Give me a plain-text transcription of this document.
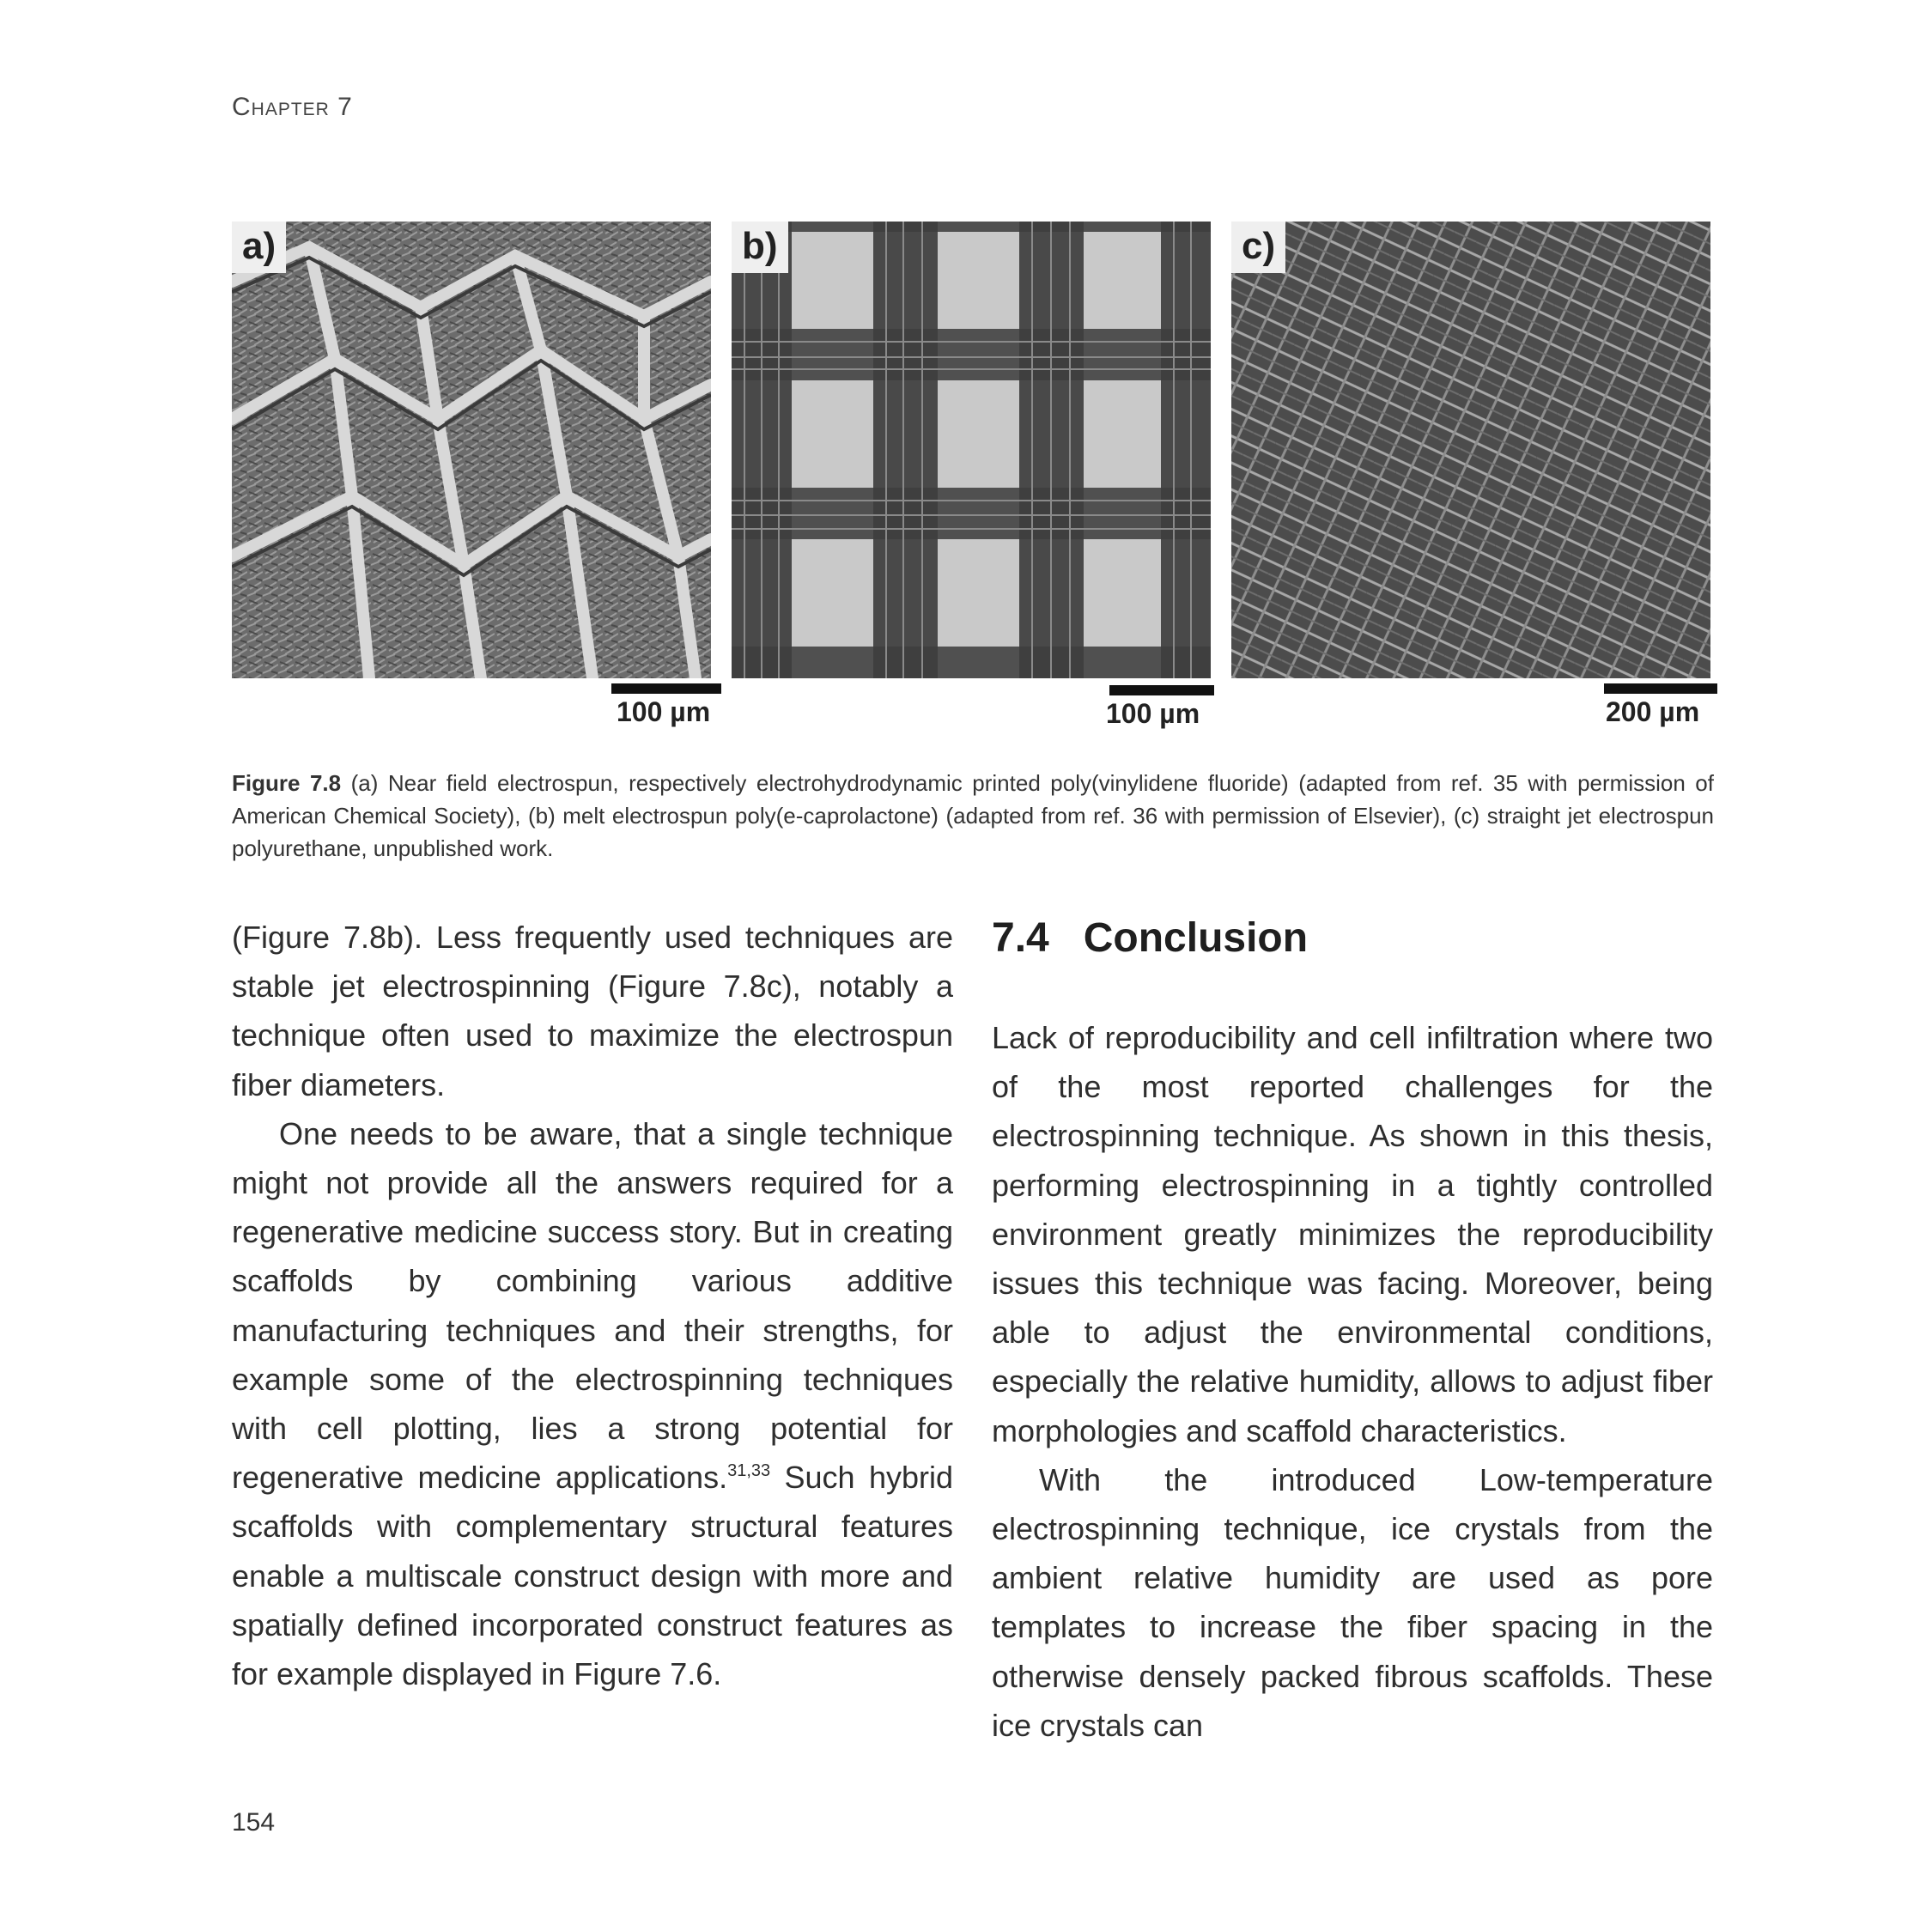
Chapter 7
a)
100 µm
b)
100 µm
c)
200 µm
Figure 7.8 (a) Near field electrospun, respectively electrohydrodynamic printed poly(vinylidene fluoride) (adapted from ref. 35 with permission of American Chemical Society), (b) melt electrospun poly(e-caprolactone) (adapted from ref. 36 with permission of Elsevier), (c) straight jet electrospun polyurethane, unpublished work.

(Figure 7.8b). Less frequently used techniques are stable jet electrospinning (Figure 7.8c), notably a technique often used to maximize the electrospun fiber diameters.

One needs to be aware, that a single technique might not provide all the answers required for a regenerative medicine success story. But in creating scaffolds by combining various additive manufacturing techniques and their strengths, for example some of the electrospinning techniques with cell plotting, lies a strong potential for regenerative medicine applications.$^{31,33}$ Such hybrid scaffolds with complementary structural features enable a multiscale construct design with more and spatially defined incorporated construct features as for example displayed in Figure 7.6.

7.4 Conclusion

Lack of reproducibility and cell infiltration where two of the most reported challenges for the electrospinning technique. As shown in this thesis, performing electrospinning in a tightly controlled environment greatly minimizes the reproducibility issues this technique was facing. Moreover, being able to adjust the environmental conditions, especially the relative humidity, allows to adjust fiber morphologies and scaffold characteristics.

With the introduced Low-temperature electrospinning technique, ice crystals from the ambient relative humidity are used as pore templates to increase the fiber spacing in the otherwise densely packed fibrous scaffolds. These ice crystals can

154
